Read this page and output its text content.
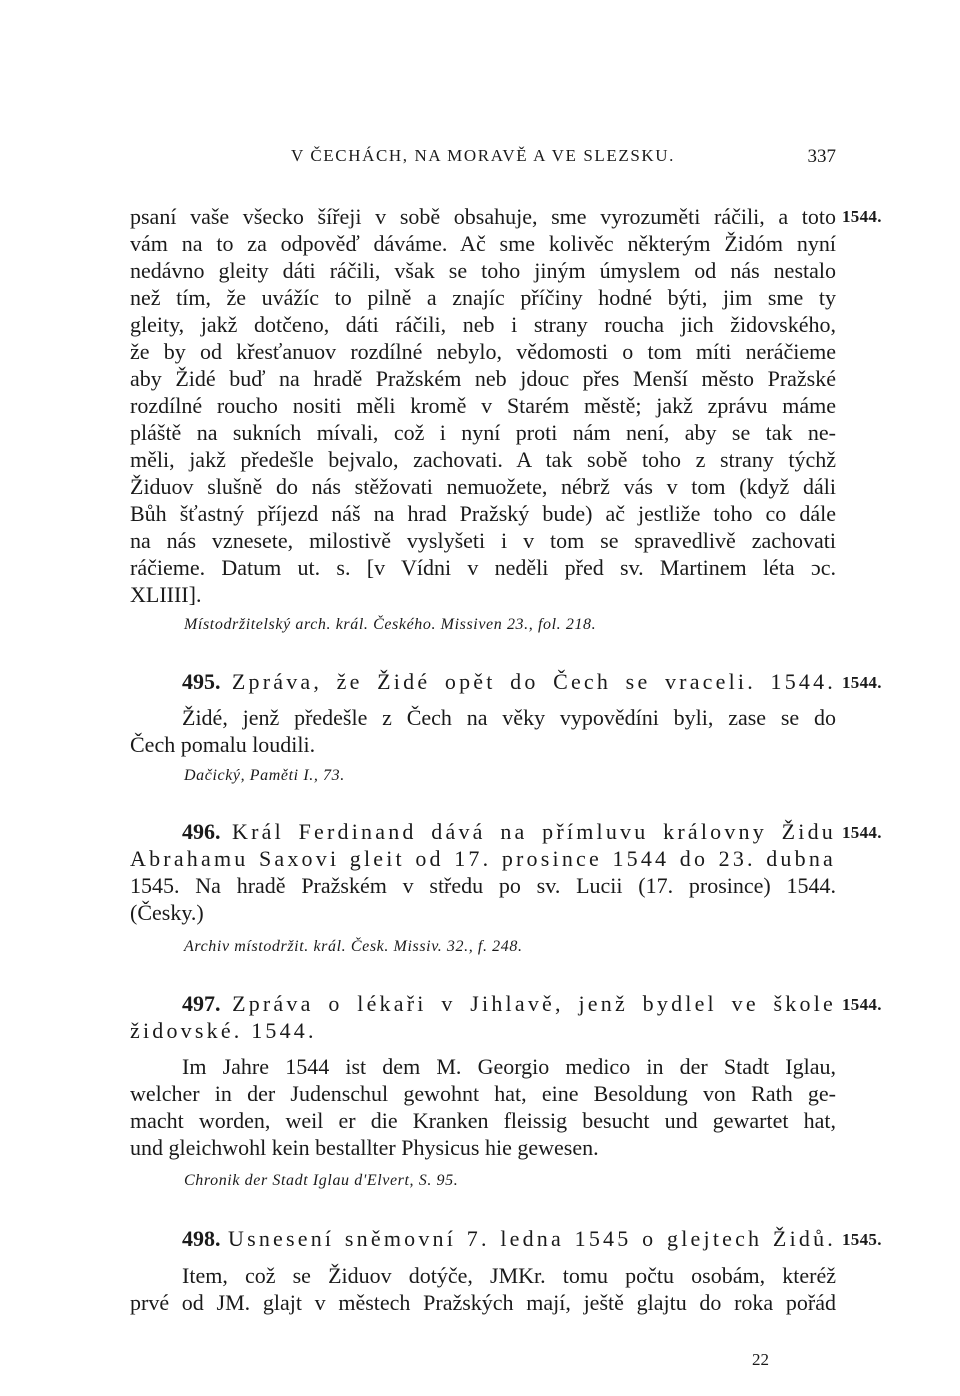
V ČECHÁCH, NA MORAVĚ A VE SLEZSKU.	337
psaní vaše všecko šířeji v sobě obsahuje, sme vyrozuměti ráčili, a toto 1544.
vám na to za odpověď dáváme. Ač sme kolivěc některým Židóm nyní
nedávno gleity dáti ráčili, však se toho jiným úmyslem od nás nestalo
než tím, že uvážíc to pilně a znajíc příčiny hodné býti, jim sme ty
gleity, jakž dotčeno, dáti ráčili, neb i strany roucha jich židovského,
že by od křesťanuov rozdílné nebylo, vědomosti o tom míti neráčieme
aby Židé buď na hradě Pražském neb jdouc přes Menší město Pražské
rozdílné roucho nositi měli kromě v Starém městě; jakž zprávu máme
pláště na sukních mívali, což i nyní proti nám není, aby se tak ne-
měli, jakž předešle bejvalo, zachovati. A tak sobě toho z strany týchž
Židuov slušně do nás stěžovati nemuožete, nébrž vás v tom (když dáli
Bůh šťastný příjezd náš na hrad Pražský bude) ač jestliže toho co dále
na nás vznesete, milostivě vyslyšeti i v tom se spravedlivě zachovati
ráčieme. Datum ut. s. [v Vídni v neděli před sv. Martinem léta ɔc.
XLIIII].
Místodržitelský arch. král. Českého. Missiven 23., fol. 218.
495. Zpráva, že Židé opět do Čech se vraceli. 1544. 1544.
Židé, jenž předešle z Čech na věky vypovědíni byli, zase se do
Čech pomalu loudili.
Dačický, Paměti I., 73.
496. Král Ferdinand dává na přímluvu královny Židu 1544.
Abrahamu Saxovi gleit od 17. prosince 1544 do 23. dubna
1545. Na hradě Pražském v středu po sv. Lucii (17. prosince) 1544.
(Česky.)
Archiv místodržit. král. Česk. Missiv. 32., f. 248.
497. Zpráva o lékaři v Jihlavě, jenž bydlel ve škole 1544.
židovské. 1544.
Im Jahre 1544 ist dem M. Georgio medico in der Stadt Iglau,
welcher in der Judenschul gewohnt hat, eine Besoldung von Rath ge-
macht worden, weil er die Kranken fleissig besucht und gewartet hat,
und gleichwohl kein bestallter Physicus hie gewesen.
Chronik der Stadt Iglau d'Elvert, S. 95.
498. Usnesení sněmovní 7. ledna 1545 o glejtech Židů. 1545.
Item, což se Židuov dotýče, JMKr. tomu počtu osobám, kteréž
prvé od JM. glajt v městech Pražských mají, ještě glajtu do roka pořád
22
